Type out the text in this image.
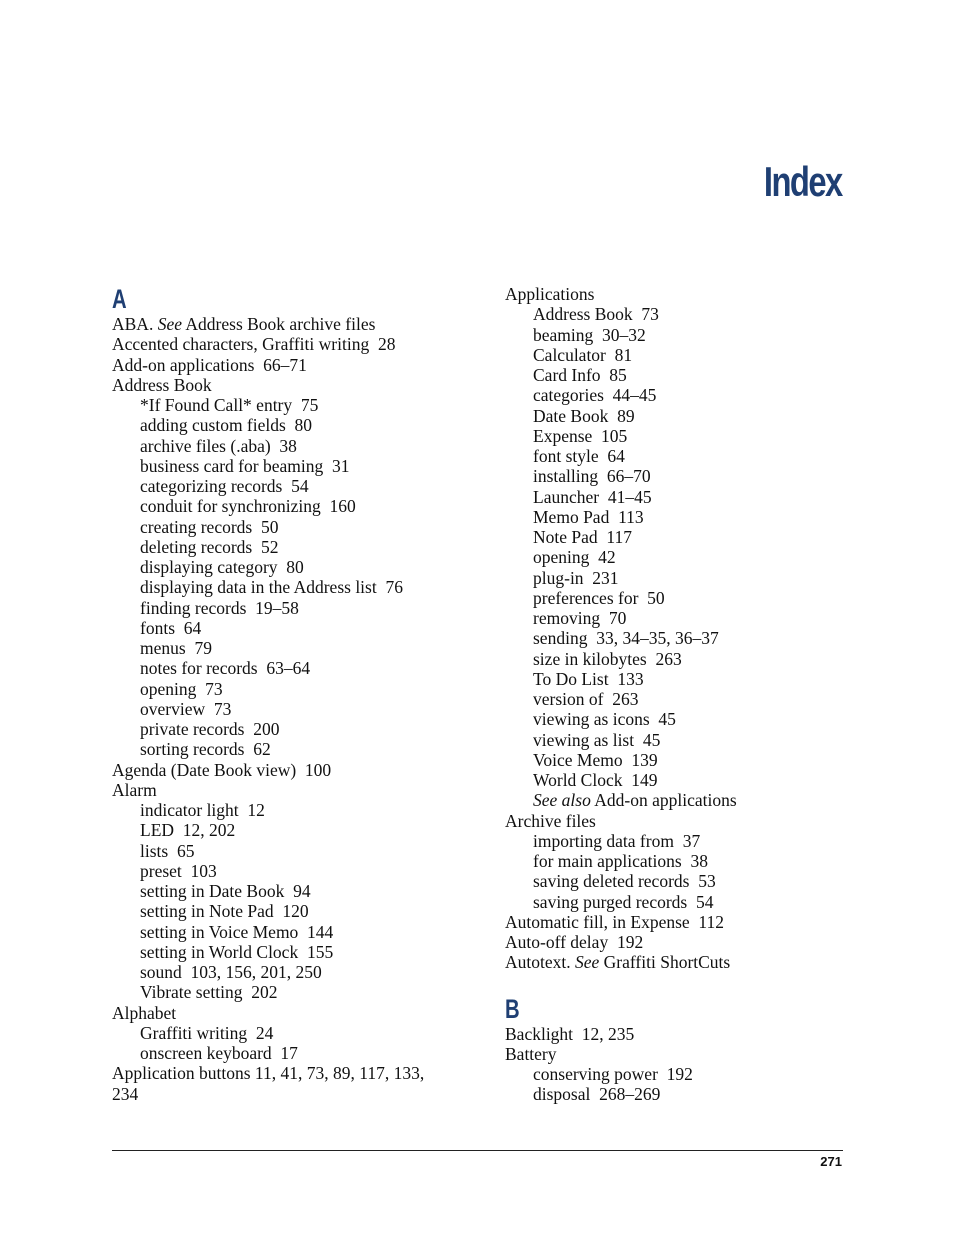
Index
A
ABA. See Address Book archive files
Accented characters, Graffiti writing  28
Add-on applications  66–71
Address Book
*If Found Call* entry  75
adding custom fields  80
archive files (.aba)  38
business card for beaming  31
categorizing records  54
conduit for synchronizing  160
creating records  50
deleting records  52
displaying category  80
displaying data in the Address list  76
finding records  19–58
fonts  64
menus  79
notes for records  63–64
opening  73
overview  73
private records  200
sorting records  62
Agenda (Date Book view)  100
Alarm
indicator light  12
LED  12, 202
lists  65
preset  103
setting in Date Book  94
setting in Note Pad  120
setting in Voice Memo  144
setting in World Clock  155
sound  103, 156, 201, 250
Vibrate setting  202
Alphabet
Graffiti writing  24
onscreen keyboard  17
Application buttons 11, 41, 73, 89, 117, 133, 234
Applications
Address Book  73
beaming  30–32
Calculator  81
Card Info  85
categories  44–45
Date Book  89
Expense  105
font style  64
installing  66–70
Launcher  41–45
Memo Pad  113
Note Pad  117
opening  42
plug-in  231
preferences for  50
removing  70
sending  33, 34–35, 36–37
size in kilobytes  263
To Do List  133
version of  263
viewing as icons  45
viewing as list  45
Voice Memo  139
World Clock  149
See also Add-on applications
Archive files
importing data from  37
for main applications  38
saving deleted records  53
saving purged records  54
Automatic fill, in Expense  112
Auto-off delay  192
Autotext. See Graffiti ShortCuts
B
Backlight  12, 235
Battery
conserving power  192
disposal  268–269
271
